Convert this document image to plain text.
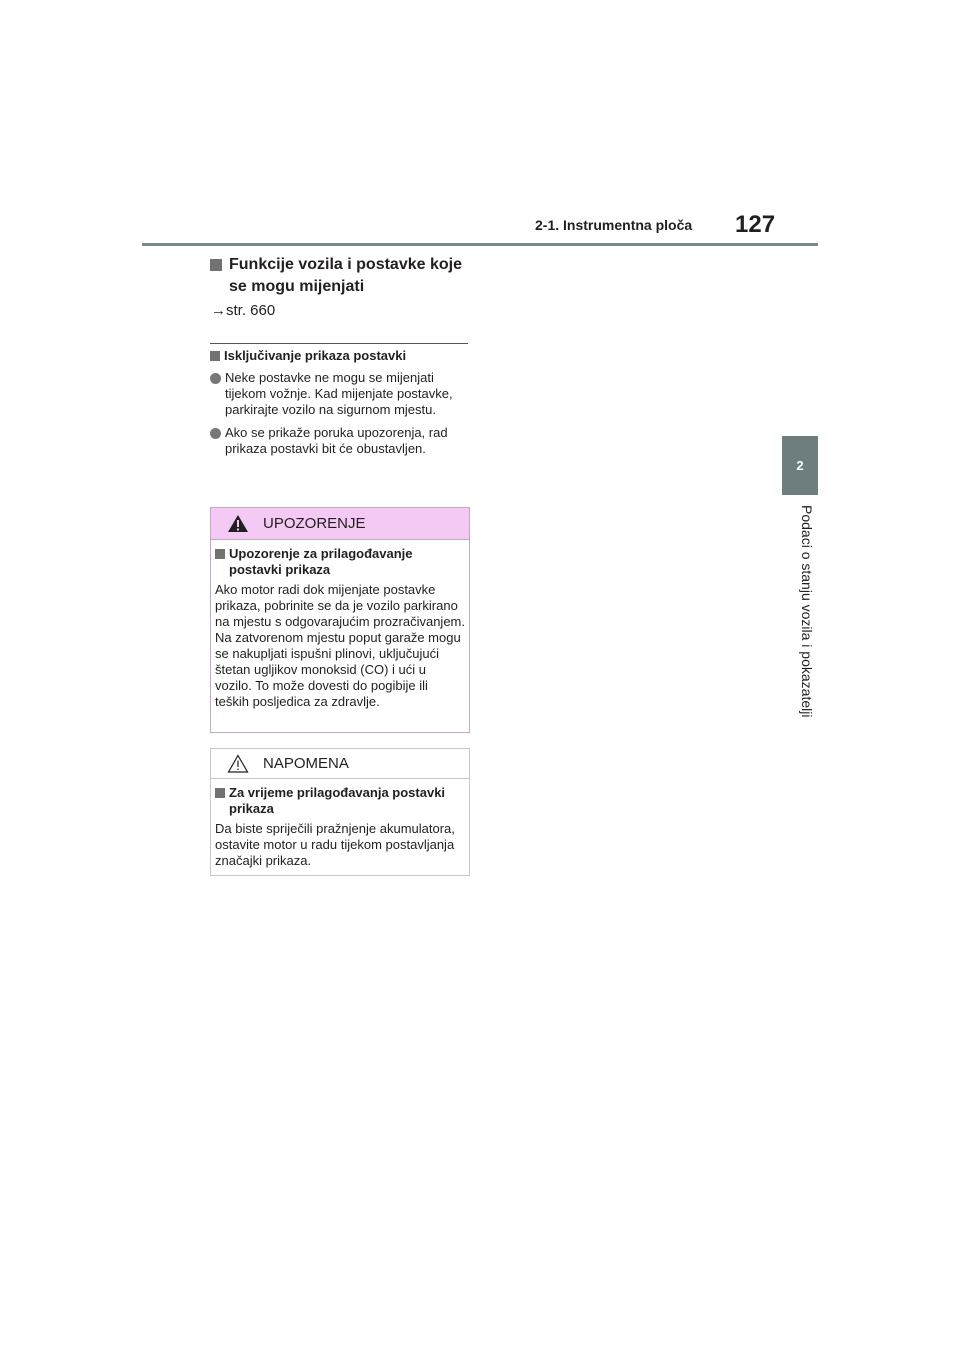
2-1. Instrumentna ploča 127
2
Podaci o stanju vozila i pokazatelji
Funkcije vozila i postavke koje se mogu mijenjati
→str. 660
Isključivanje prikaza postavki
Neke postavke ne mogu se mijenjati tijekom vožnje. Kad mijenjate postavke, parkirajte vozilo na sigurnom mjestu.
Ako se prikaže poruka upozorenja, rad prikaza postavki bit će obustavljen.
UPOZORENJE
Upozorenje za prilagođavanje postavki prikaza
Ako motor radi dok mijenjate postavke prikaza, pobrinite se da je vozilo parkirano na mjestu s odgovarajućim prozračivanjem. Na zatvorenom mjestu poput garaže mogu se nakupljati ispušni plinovi, uključujući štetan ugljikov monoksid (CO) i ući u vozilo. To može dovesti do pogibije ili teških posljedica za zdravlje.
NAPOMENA
Za vrijeme prilagođavanja postavki prikaza
Da biste spriječili pražnjenje akumulatora, ostavite motor u radu tijekom postavljanja značajki prikaza.
